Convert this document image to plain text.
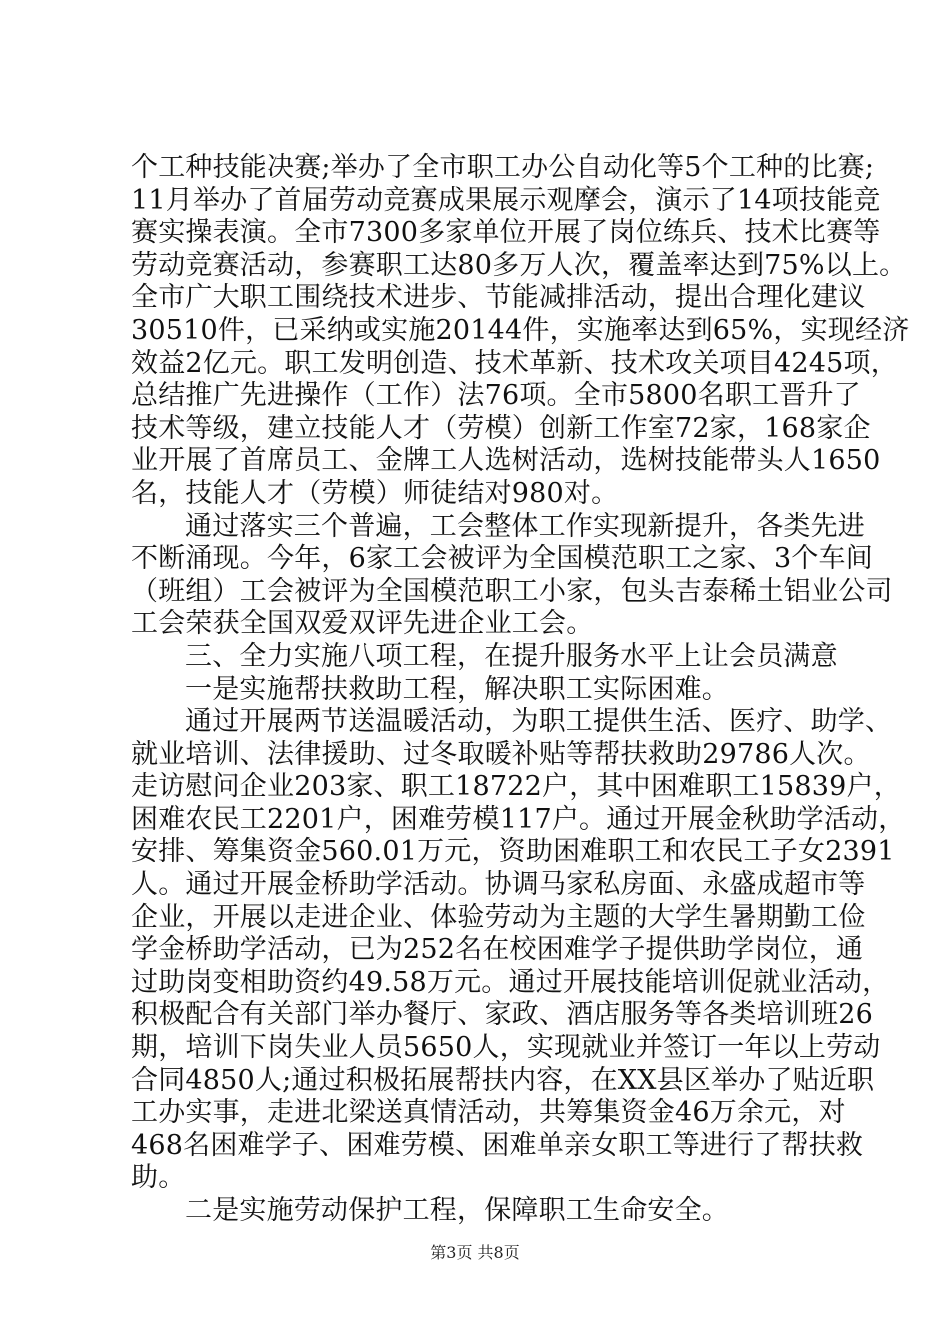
个工种技能决赛;举办了全市职工办公自动化等5个工种的比赛;
11月举办了首届劳动竞赛成果展示观摩会，演示了14项技能竞
赛实操表演。全市7300多家单位开展了岗位练兵、技术比赛等
劳动竞赛活动，参赛职工达80多万人次，覆盖率达到75%以上。
全市广大职工围绕技术进步、节能减排活动，提出合理化建议
30510件，已采纳或实施20144件，实施率达到65%，实现经济
效益2亿元。职工发明创造、技术革新、技术攻关项目4245项，
总结推广先进操作（工作）法76项。全市5800名职工晋升了
技术等级，建立技能人才（劳模）创新工作室72家，168家企
业开展了首席员工、金牌工人选树活动，选树技能带头人1650
名，技能人才（劳模）师徒结对980对。
通过落实三个普遍，工会整体工作实现新提升，各类先进
不断涌现。今年，6家工会被评为全国模范职工之家、3个车间
（班组）工会被评为全国模范职工小家，包头吉泰稀土铝业公司
工会荣获全国双爱双评先进企业工会。
三、全力实施八项工程，在提升服务水平上让会员满意
一是实施帮扶救助工程，解决职工实际困难。
通过开展两节送温暖活动，为职工提供生活、医疗、助学、
就业培训、法律援助、过冬取暖补贴等帮扶救助29786人次。
走访慰问企业203家、职工18722户，其中困难职工15839户，
困难农民工2201户，困难劳模117户。通过开展金秋助学活动，
安排、筹集资金560.01万元，资助困难职工和农民工子女2391
人。通过开展金桥助学活动。协调马家私房面、永盛成超市等
企业，开展以走进企业、体验劳动为主题的大学生暑期勤工俭
学金桥助学活动，已为252名在校困难学子提供助学岗位，通
过助岗变相助资约49.58万元。通过开展技能培训促就业活动，
积极配合有关部门举办餐厅、家政、酒店服务等各类培训班26
期，培训下岗失业人员5650人，实现就业并签订一年以上劳动
合同4850人;通过积极拓展帮扶内容，在XX县区举办了贴近职
工办实事，走进北梁送真情活动，共筹集资金46万余元，对
468名困难学子、困难劳模、困难单亲女职工等进行了帮扶救
助。
二是实施劳动保护工程，保障职工生命安全。
第3页 共8页
